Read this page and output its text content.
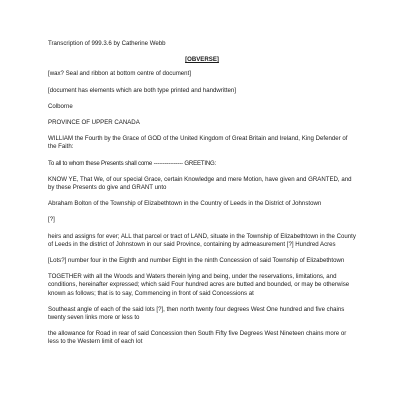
Transcription of 999.3.6 by Catherine Webb

[OBVERSE]

[wax? Seal and ribbon at bottom centre of document]

[document has elements which are both type printed and handwritten]

Colborne

PROVINCE OF UPPER CANADA

WILLIAM the Fourth by the Grace of GOD of the United Kingdom of Great Britain and Ireland, King Defender of the Faith:

To all to whom these Presents shall come ---------------- GREETING:

KNOW YE, That We, of our special Grace, certain Knowledge and mere Motion, have given and GRANTED, and by these Presents do give and GRANT unto

Abraham Bolton of the Township of Elizabethtown in the Country of Leeds in the District of Johnstown

[?]

heirs and assigns for ever; ALL that parcel or tract of LAND, situate in the Township of Elizabethtown in the County of Leeds in the district of Johnstown in our said Province, containing by admeasurement [?] Hundred Acres

[Lots?] number four in the Eighth and number Eight in the ninth Concession of said Township of Elizabethtown

TOGETHER with all the Woods and Waters therein lying and being, under the reservations, limitations, and conditions, hereinafter expressed; which said Four hundred acres are butted and bounded, or may be otherwise known as follows; that is to say, Commencing in front of said Concessions at

Southeast angle of each of the said lots [?], then north twenty four degrees West One hundred and five chains twenty seven links more or less to

the allowance for Road in rear of said Concession then South Fifty five Degrees West Nineteen chains more or less to the Western limit of each lot
